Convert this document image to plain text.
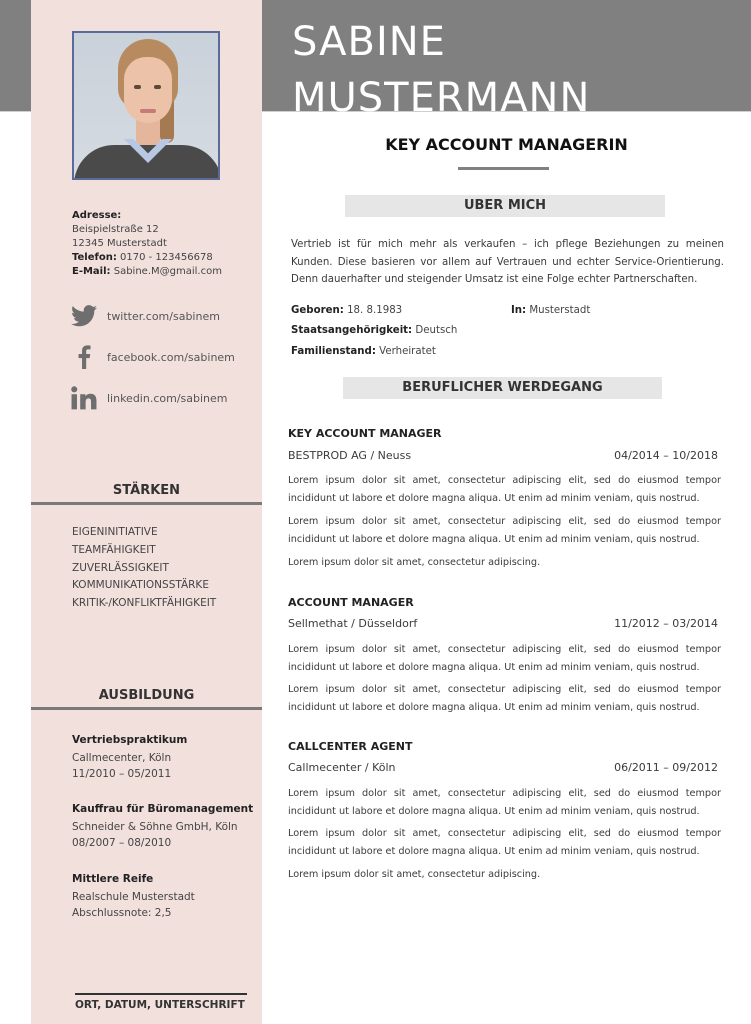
Adresse:
Beispielstraße 12
12345 Musterstadt
Telefon: 0170 - 123456678
E-Mail: Sabine.M@gmail.com
twitter.com/sabinem
facebook.com/sabinem
linkedin.com/sabinem
STÄRKEN
EIGENINITIATIVE
TEAMFÄHIGKEIT
ZUVERLÄSSIGKEIT
KOMMUNIKATIONSSTÄRKE
KRITIK-/KONFLIKTFÄHIGKEIT
AUSBILDUNG
Vertriebspraktikum
Callmecenter, Köln
11/2010 – 05/2011
Kauffrau für Büromanagement
Schneider & Söhne GmbH, Köln
08/2007 – 08/2010
Mittlere Reife
Realschule Musterstadt
Abschlussnote: 2,5
ORT, DATUM, UNTERSCHRIFT
SABINE
MUSTERMANN
KEY ACCOUNT MANAGERIN
UBER MICH
Vertrieb ist für mich mehr als verkaufen – ich pflege Beziehungen zu meinen Kunden. Diese basieren vor allem auf Vertrauen und echter Service-Orientierung. Denn dauerhafter und steigender Umsatz ist eine Folge echter Partnerschaften.
Geboren: 18. 8.1983	In: Musterstadt
Staatsangehörigkeit: Deutsch
Familienstand: Verheiratet
BERUFLICHER WERDEGANG
KEY ACCOUNT MANAGER
BESTPROD AG / Neuss	04/2014 – 10/2018
Lorem ipsum dolor sit amet, consectetur adipiscing elit, sed do eiusmod tempor incididunt ut labore et dolore magna aliqua. Ut enim ad minim veniam, quis nostrud.
Lorem ipsum dolor sit amet, consectetur adipiscing elit, sed do eiusmod tempor incididunt ut labore et dolore magna aliqua. Ut enim ad minim veniam, quis nostrud.
Lorem ipsum dolor sit amet, consectetur adipiscing.
ACCOUNT MANAGER
Sellmethat / Düsseldorf	11/2012 – 03/2014
Lorem ipsum dolor sit amet, consectetur adipiscing elit, sed do eiusmod tempor incididunt ut labore et dolore magna aliqua. Ut enim ad minim veniam, quis nostrud.
Lorem ipsum dolor sit amet, consectetur adipiscing elit, sed do eiusmod tempor incididunt ut labore et dolore magna aliqua. Ut enim ad minim veniam, quis nostrud.
CALLCENTER AGENT
Callmecenter / Köln	06/2011 – 09/2012
Lorem ipsum dolor sit amet, consectetur adipiscing elit, sed do eiusmod tempor incididunt ut labore et dolore magna aliqua. Ut enim ad minim veniam, quis nostrud.
Lorem ipsum dolor sit amet, consectetur adipiscing elit, sed do eiusmod tempor incididunt ut labore et dolore magna aliqua. Ut enim ad minim veniam, quis nostrud.
Lorem ipsum dolor sit amet, consectetur adipiscing.
